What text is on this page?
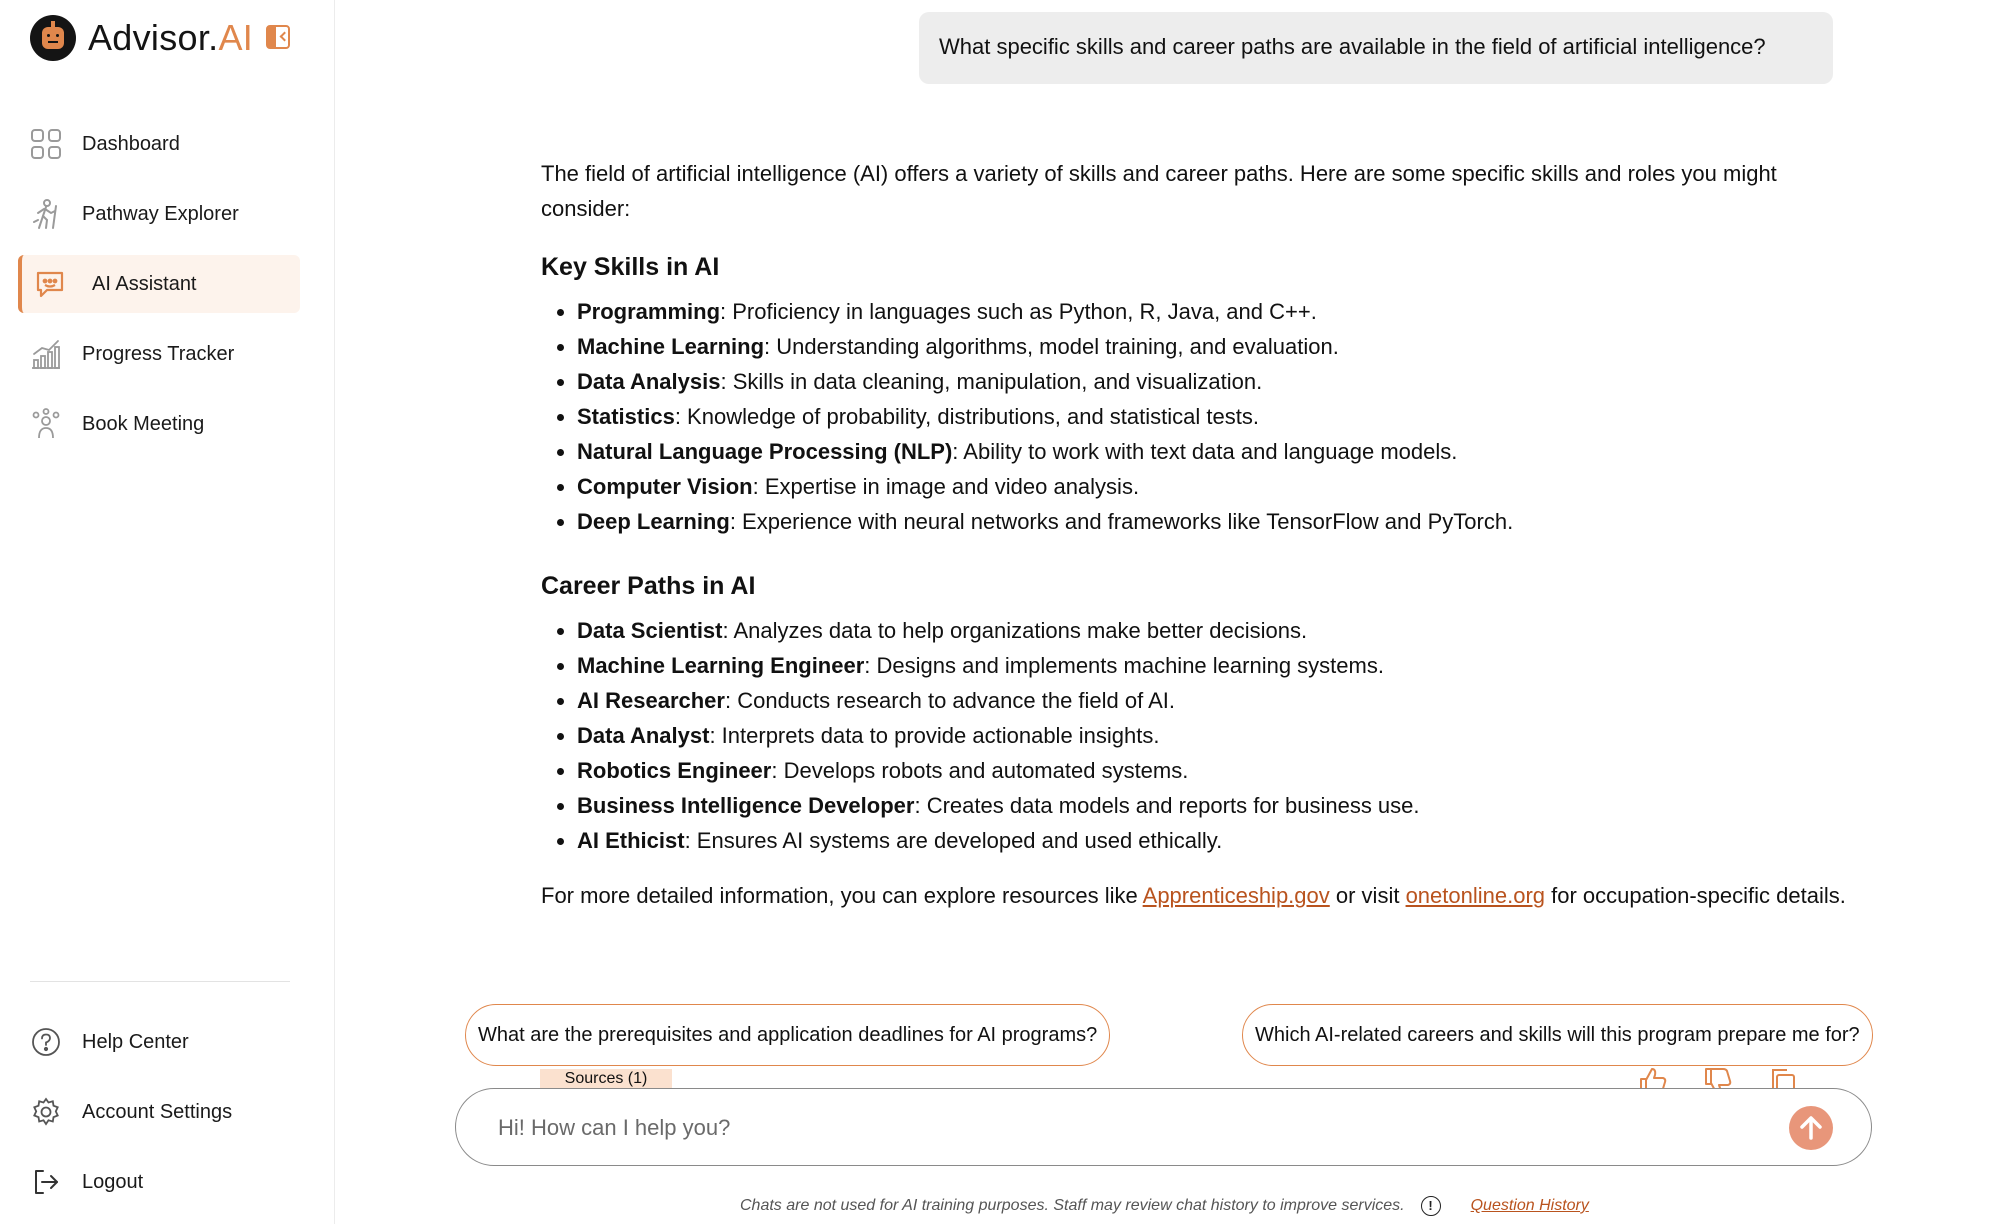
Advisor.AI
Dashboard
Pathway Explorer
AI Assistant
Progress Tracker
Book Meeting
Help Center
Account Settings
Logout
What specific skills and career paths are available in the field of artificial intelligence?

The field of artificial intelligence (AI) offers a variety of skills and career paths. Here are some specific skills and roles you might consider:

Key Skills in AI
• Programming: Proficiency in languages such as Python, R, Java, and C++.
• Machine Learning: Understanding algorithms, model training, and evaluation.
• Data Analysis: Skills in data cleaning, manipulation, and visualization.
• Statistics: Knowledge of probability, distributions, and statistical tests.
• Natural Language Processing (NLP): Ability to work with text data and language models.
• Computer Vision: Expertise in image and video analysis.
• Deep Learning: Experience with neural networks and frameworks like TensorFlow and PyTorch.
Career Paths in AI
• Data Scientist: Analyzes data to help organizations make better decisions.
• Machine Learning Engineer: Designs and implements machine learning systems.
• AI Researcher: Conducts research to advance the field of AI.
• Data Analyst: Interprets data to provide actionable insights.
• Robotics Engineer: Develops robots and automated systems.
• Business Intelligence Developer: Creates data models and reports for business use.
• AI Ethicist: Ensures AI systems are developed and used ethically.

For more detailed information, you can explore resources like Apprenticeship.gov or visit onetonline.org for occupation-specific details.

What are the prerequisites and application deadlines for AI programs?	Which AI-related careers and skills will this program prepare me for?
Sources (1)
Hi! How can I help you?
Chats are not used for AI training purposes. Staff may review chat history to improve services.	!	Question History
